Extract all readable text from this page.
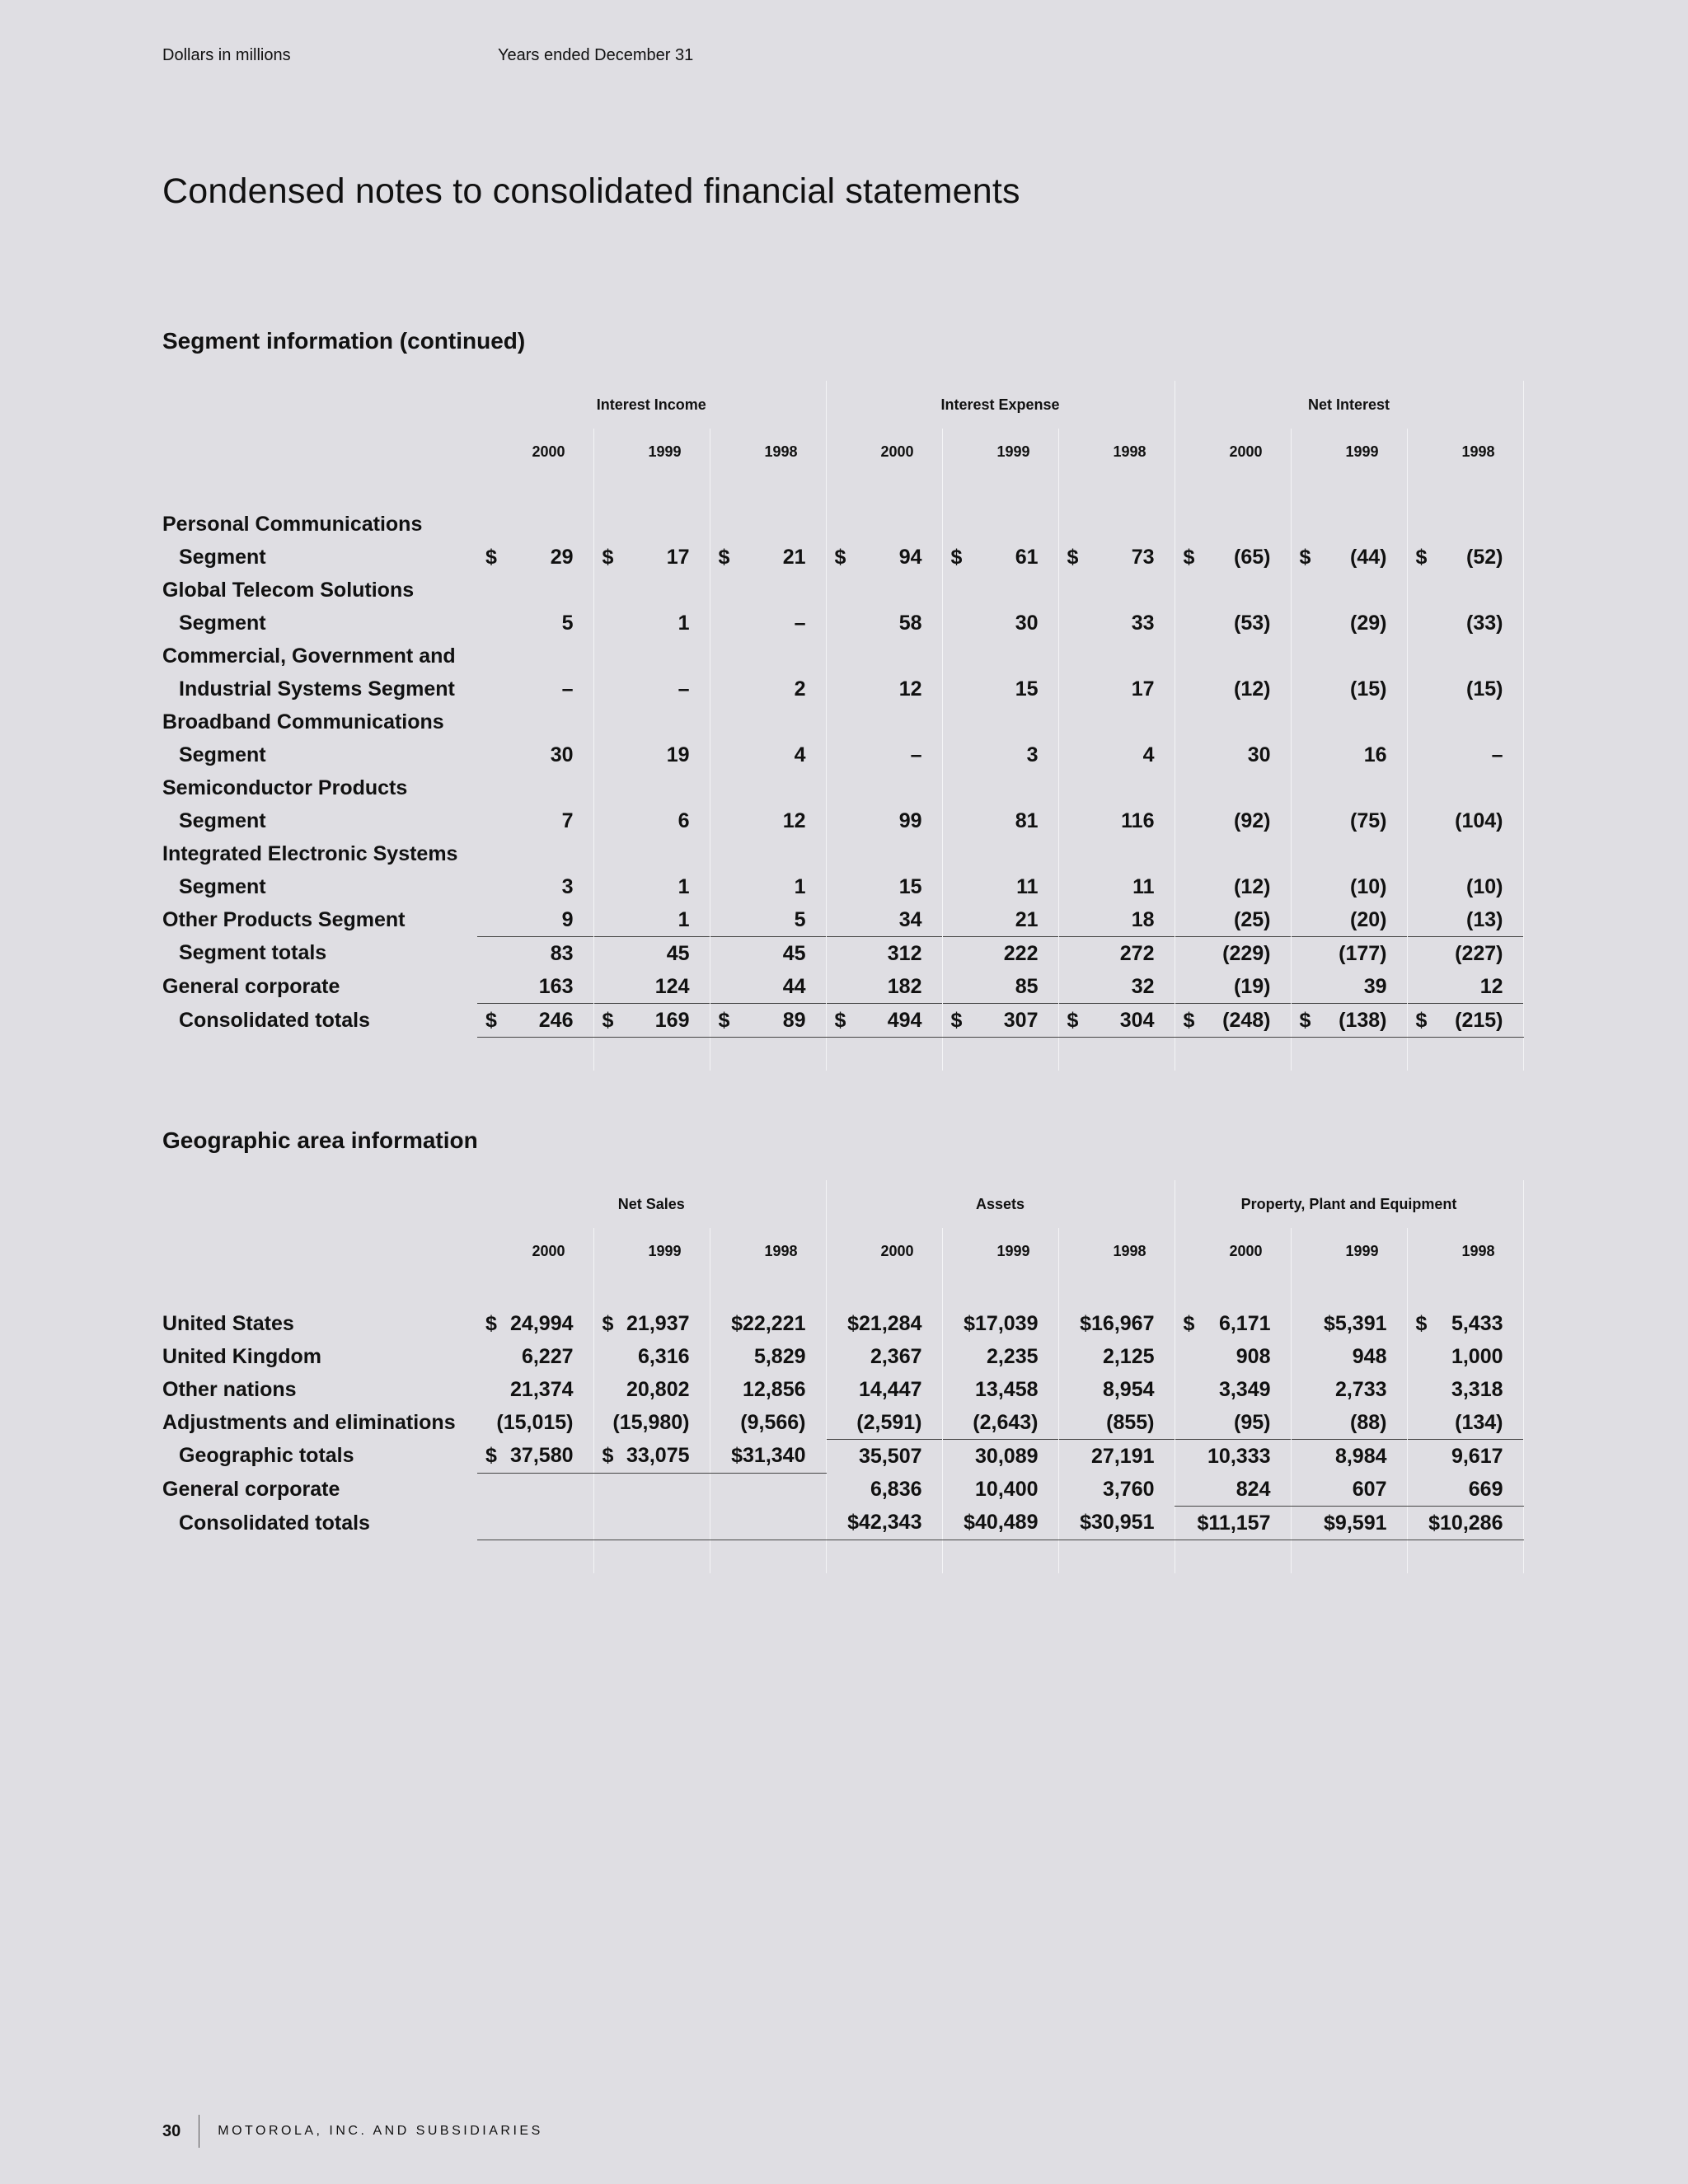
Dollars in millions	Years ended December 31
Condensed notes to consolidated financial statements
Segment information (continued)
	Interest Income			Interest Expense			Net Interest		
	2000	1999	1998	2000	1999	1998	2000	1999	1998

Personal Communications									
Segment	$ 29	$ 17	$ 21	$ 94	$ 61	$ 73	$ (65)	$ (44)	$ (52)

Global Telecom Solutions									
Segment	5	1	–	58	30	33	(53)	(29)	(33)

Commercial, Government and									
Industrial Systems Segment	–	–	2	12	15	17	(12)	(15)	(15)

Broadband Communications									
Segment	30	19	4	–	3	4	30	16	–

Semiconductor Products									
Segment	7	6	12	99	81	116	(92)	(75)	(104)

Integrated Electronic Systems									
Segment	3	1	1	15	11	11	(12)	(10)	(10)

Other Products Segment	9	1	5	34	21	18	(25)	(20)	(13)

Segment totals	83	45	45	312	222	272	(229)	(177)	(227)

General corporate	163	124	44	182	85	32	(19)	39	12

Consolidated totals	$ 246	$ 169	$ 89	$ 494	$ 307	$ 304	$ (248)	$ (138)	$ (215)

Geographic area information
	Net Sales			Assets			Property, Plant and Equipment		
	2000	1999	1998	2000	1999	1998	2000	1999	1998

United States	$ 24,994	$ 21,937	$22,221	$21,284	$17,039	$16,967	$ 6,171	$5,391	$ 5,433

United Kingdom	6,227	6,316	5,829	2,367	2,235	2,125	908	948	1,000

Other nations	21,374	20,802	12,856	14,447	13,458	8,954	3,349	2,733	3,318

Adjustments and eliminations	(15,015)	(15,980)	(9,566)	(2,591)	(2,643)	(855)	(95)	(88)	(134)

Geographic totals	$ 37,580	$ 33,075	$31,340	35,507	30,089	27,191	10,333	8,984	9,617

General corporate				6,836	10,400	3,760	824	607	669

Consolidated totals				$42,343	$40,489	$30,951	$11,157	$9,591	$10,286

30	MOTOROLA, INC. AND SUBSIDIARIES
